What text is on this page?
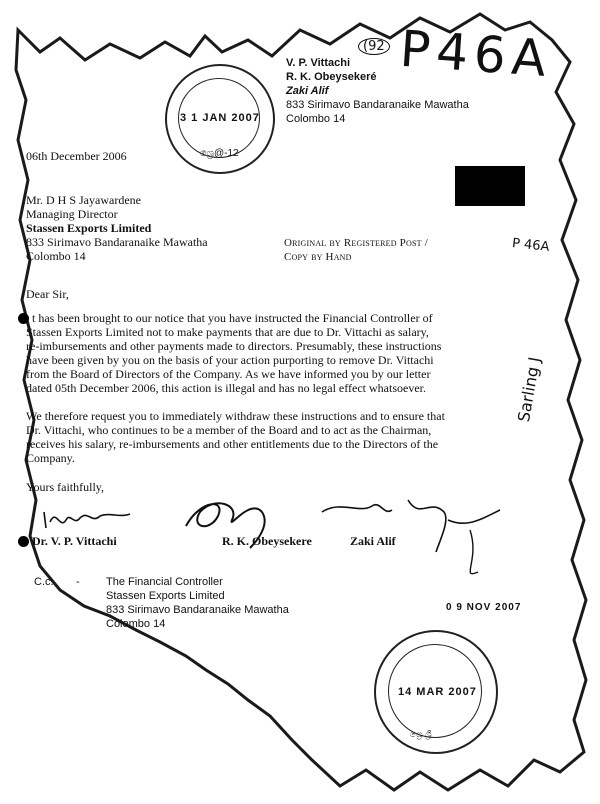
3 1 JAN 2007
ශ්‍රෙ@-12
V. P. Vittachi
R. K. Obeysekeré
Zaki Alif
833 Sirimavo Bandaranaike Mawatha
Colombo 14
(92 P46A
P 46A
Sarling J
06th December 2006
Mr. D H S Jayawardene
Managing Director
Stassen Exports Limited
833 Sirimavo Bandaranaike Mawatha
Colombo 14
Original by Registered Post /
Copy by Hand
Dear Sir,
t has been brought to our notice that you have instructed the Financial Controller of
Stassen Exports Limited not to make payments that are due to Dr. Vittachi as salary,
re-imbursements and other payments made to directors. Presumably, these instructions
have been given by you on the basis of your action purporting to remove Dr. Vittachi
from the Board of Directors of the Company. As we have informed you by our letter
dated 05th December 2006, this action is illegal and has no legal effect whatsoever.
We therefore request you to immediately withdraw these instructions and to ensure that
Dr. Vittachi, who continues to be a member of the Board and to act as the Chairman,
receives his salary, re-imbursements and other entitlements due to the Directors of the
Company.
Yours faithfully,
Dr. V. P. Vittachi	R. K. Obeysekere	Zaki Alif
C.c. - The Financial Controller
Stassen Exports Limited
833 Sirimavo Bandaranaike Mawatha
Colombo 14
0 9 NOV 2007
14 MAR 2007
ශ්‍රෙ ශ්‍රී
